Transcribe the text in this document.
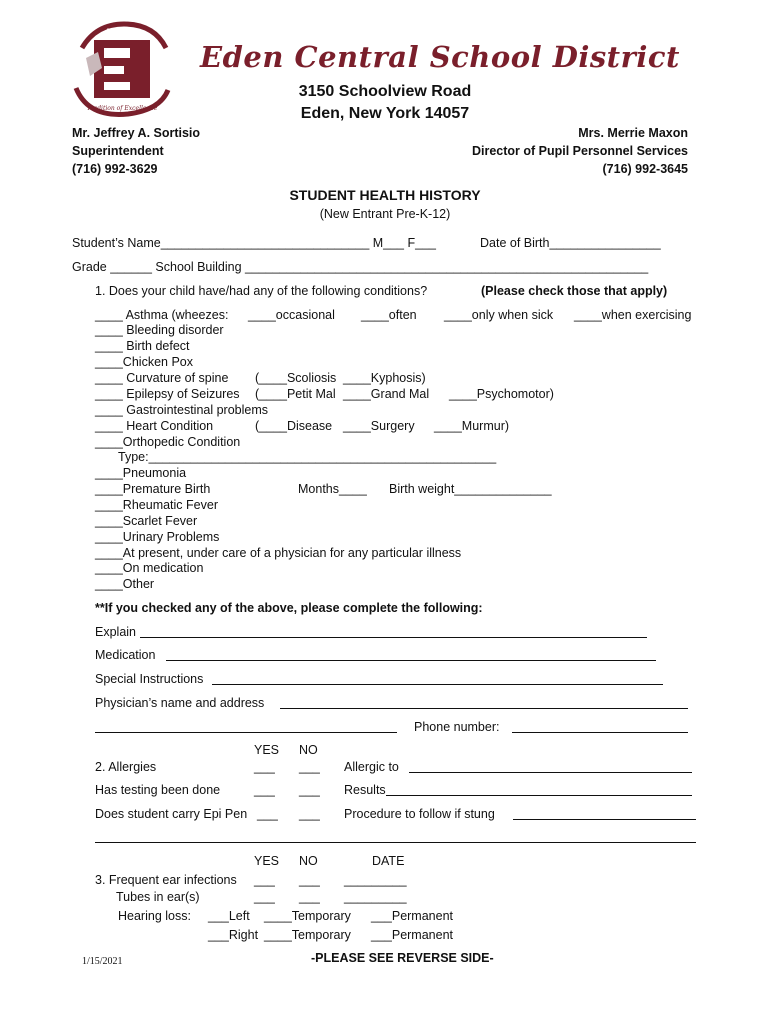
EDEN
Tradition of Excellence
Eden Central School District
3150 Schoolview Road
Eden, New York 14057
Mr. Jeffrey A. Sortisio
Superintendent
(716) 992-3629
Mrs. Merrie Maxon
Director of Pupil Personnel Services
(716) 992-3645
STUDENT HEALTH HISTORY
(New Entrant Pre-K-12)
Student’s Name______________________________ M___ F___	Date of Birth________________
Grade ______ School Building __________________________________________________________
1. Does your child have/had any of the following conditions?	(Please check those that apply)
____ Asthma (wheezes: ____occasional ____often ____only when sick ____when exercising
____ Bleeding disorder
____ Birth defect
____Chicken Pox
____ Curvature of spine (____Scoliosis ____Kyphosis)
____ Epilepsy of Seizures (____Petit Mal ____Grand Mal ____Psychomotor)
____ Gastrointestinal problems
____ Heart Condition	(____Disease ____Surgery ____Murmur)
____Orthopedic Condition
Type:__________________________________________________
____Pneumonia
____Premature Birth	Months____ Birth weight______________
____Rheumatic Fever
____Scarlet Fever
____Urinary Problems
____At present, under care of a physician for any particular illness
____On medication
____Other
**If you checked any of the above, please complete the following:
Explain
Medication
Special Instructions
Physician’s name and address
Phone number:
YES NO
2. Allergies	___ ___ Allergic to
Has testing been done	___ ___ Results
Does student carry Epi Pen ___ ___ Procedure to follow if stung
YES NO	DATE
3. Frequent ear infections ___ ___ _________
Tubes in ear(s)	___ ___ _________
Hearing loss: ___Left ____Temporary ___Permanent
___Right ____Temporary ___Permanent
1/15/2021	-PLEASE SEE REVERSE SIDE-
